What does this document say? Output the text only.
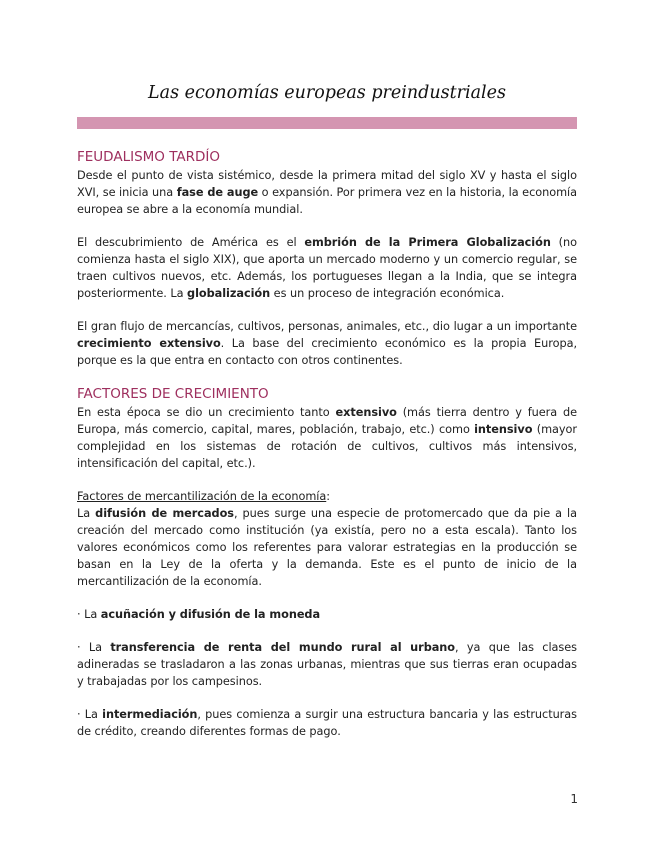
Las economías europeas preindustriales
FEUDALISMO TARDÍO

Desde el punto de vista sistémico, desde la primera mitad del siglo XV y hasta el siglo XVI, se inicia una fase de auge o expansión. Por primera vez en la historia, la economía europea se abre a la economía mundial.

El descubrimiento de América es el embrión de la Primera Globalización (no comienza hasta el siglo XIX), que aporta un mercado moderno y un comercio regular, se traen cultivos nuevos, etc. Además, los portugueses llegan a la India, que se integra posteriormente. La globalización es un proceso de integración económica.

El gran flujo de mercancías, cultivos, personas, animales, etc., dio lugar a un importante crecimiento extensivo. La base del crecimiento económico es la propia Europa, porque es la que entra en contacto con otros continentes.

FACTORES DE CRECIMIENTO

En esta época se dio un crecimiento tanto extensivo (más tierra dentro y fuera de Europa, más comercio, capital, mares, población, trabajo, etc.) como intensivo (mayor complejidad en los sistemas de rotación de cultivos, cultivos más intensivos, intensificación del capital, etc.).

Factores de mercantilización de la economía:

La difusión de mercados, pues surge una especie de protomercado que da pie a la creación del mercado como institución (ya existía, pero no a esta escala). Tanto los valores económicos como los referentes para valorar estrategias en la producción se basan en la Ley de la oferta y la demanda. Este es el punto de inicio de la mercantilización de la economía.

· La acuñación y difusión de la moneda

· La transferencia de renta del mundo rural al urbano, ya que las clases adineradas se trasladaron a las zonas urbanas, mientras que sus tierras eran ocupadas y trabajadas por los campesinos.

· La intermediación, pues comienza a surgir una estructura bancaria y las estructuras de crédito, creando diferentes formas de pago.

1
